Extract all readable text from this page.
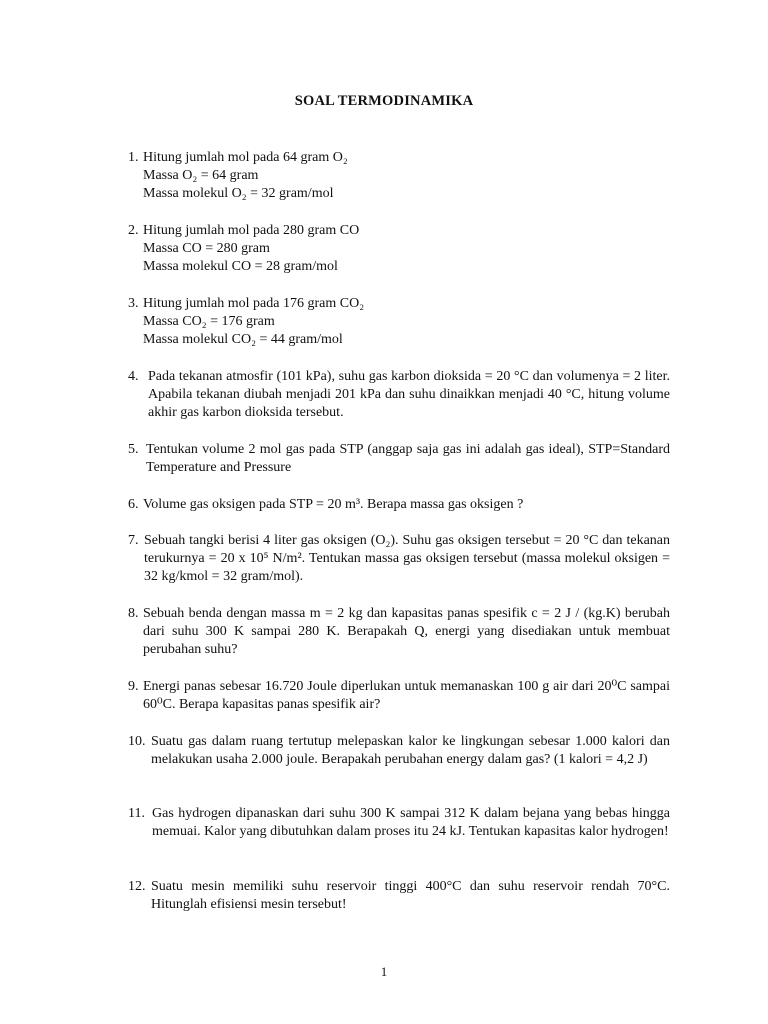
SOAL TERMODINAMIKA
1. Hitung jumlah mol pada 64 gram O₂
Massa O₂ = 64 gram
Massa molekul O₂ = 32 gram/mol
2. Hitung jumlah mol pada 280 gram CO
Massa CO = 280 gram
Massa molekul CO = 28 gram/mol
3. Hitung jumlah mol pada 176 gram CO₂
Massa CO₂ = 176 gram
Massa molekul CO₂ = 44 gram/mol
4. Pada tekanan atmosfir (101 kPa), suhu gas karbon dioksida = 20 °C dan volumenya = 2 liter. Apabila tekanan diubah menjadi 201 kPa dan suhu dinaikkan menjadi 40 °C, hitung volume akhir gas karbon dioksida tersebut.
5. Tentukan volume 2 mol gas pada STP (anggap saja gas ini adalah gas ideal), STP=Standard Temperature and Pressure
6. Volume gas oksigen pada STP = 20 m³. Berapa massa gas oksigen ?
7. Sebuah tangki berisi 4 liter gas oksigen (O₂). Suhu gas oksigen tersebut = 20 °C dan tekanan terukurnya = 20 x 10⁵ N/m². Tentukan massa gas oksigen tersebut (massa molekul oksigen = 32 kg/kmol = 32 gram/mol).
8. Sebuah benda dengan massa m = 2 kg dan kapasitas panas spesifik c = 2 J / (kg.K) berubah dari suhu 300 K sampai 280 K. Berapakah Q, energi yang disediakan untuk membuat perubahan suhu?
9. Energi panas sebesar 16.720 Joule diperlukan untuk memanaskan 100 g air dari 20⁰C sampai 60⁰C. Berapa kapasitas panas spesifik air?
10. Suatu gas dalam ruang tertutup melepaskan kalor ke lingkungan sebesar 1.000 kalori dan melakukan usaha 2.000 joule. Berapakah perubahan energy dalam gas? (1 kalori = 4,2 J)
11. Gas hydrogen dipanaskan dari suhu 300 K sampai 312 K dalam bejana yang bebas hingga memuai. Kalor yang dibutuhkan dalam proses itu 24 kJ. Tentukan kapasitas kalor hydrogen!
12. Suatu mesin memiliki suhu reservoir tinggi 400°C dan suhu reservoir rendah 70°C. Hitunglah efisiensi mesin tersebut!
1
